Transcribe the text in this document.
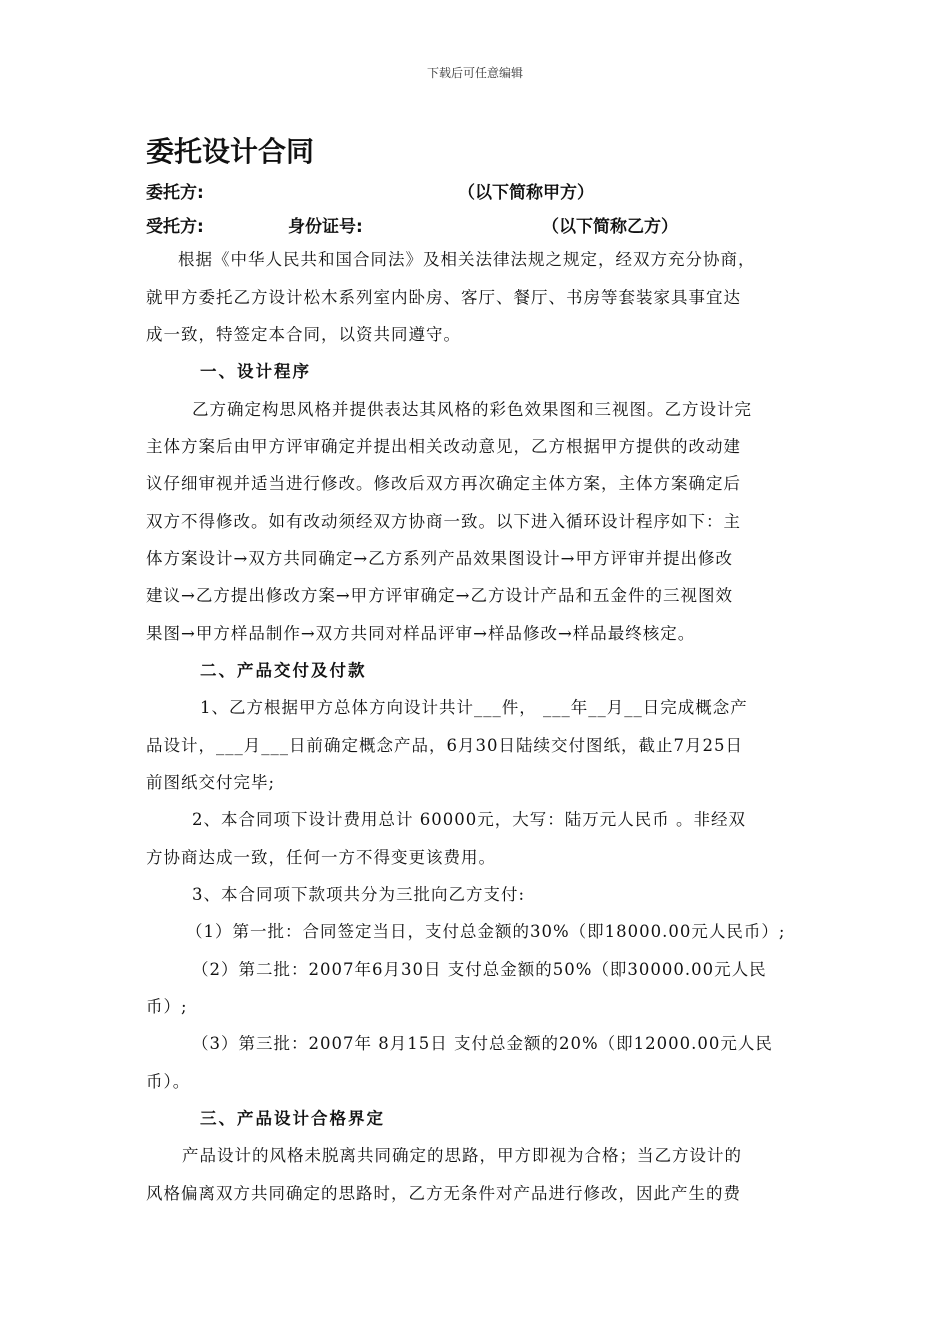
下载后可任意编辑
委托设计合同
委托方:	（以下简称甲方）
受托方:	身份证号:	（以下简称乙方）
根据《中华人民共和国合同法》及相关法律法规之规定，经双方充分协商，
就甲方委托乙方设计松木系列室内卧房、客厅、餐厅、书房等套装家具事宜达
成一致，特签定本合同，以资共同遵守。
一、设计程序
乙方确定构思风格并提供表达其风格的彩色效果图和三视图。乙方设计完
主体方案后由甲方评审确定并提出相关改动意见，乙方根据甲方提供的改动建
议仔细审视并适当进行修改。修改后双方再次确定主体方案，主体方案确定后
双方不得修改。如有改动须经双方协商一致。以下进入循环设计程序如下：主
体方案设计→双方共同确定→乙方系列产品效果图设计→甲方评审并提出修改
建议→乙方提出修改方案→甲方评审确定→乙方设计产品和五金件的三视图效
果图→甲方样品制作→双方共同对样品评审→样品修改→样品最终核定。
二、产品交付及付款
1、乙方根据甲方总体方向设计共计___件， ___年__月__日完成概念产
品设计，___月___日前确定概念产品，6月30日陆续交付图纸，截止7月25日
前图纸交付完毕;
2、本合同项下设计费用总计 60000元，大写：陆万元人民币 。非经双
方协商达成一致，任何一方不得变更该费用。
3、本合同项下款项共分为三批向乙方支付:
（1）第一批：合同签定当日，支付总金额的30%（即18000.00元人民币）;
（2）第二批：2007年6月30日 支付总金额的50%（即30000.00元人民
币）;
（3）第三批：2007年 8月15日 支付总金额的20%（即12000.00元人民
币）。
三、产品设计合格界定
产品设计的风格未脱离共同确定的思路，甲方即视为合格；当乙方设计的
风格偏离双方共同确定的思路时，乙方无条件对产品进行修改，因此产生的费
